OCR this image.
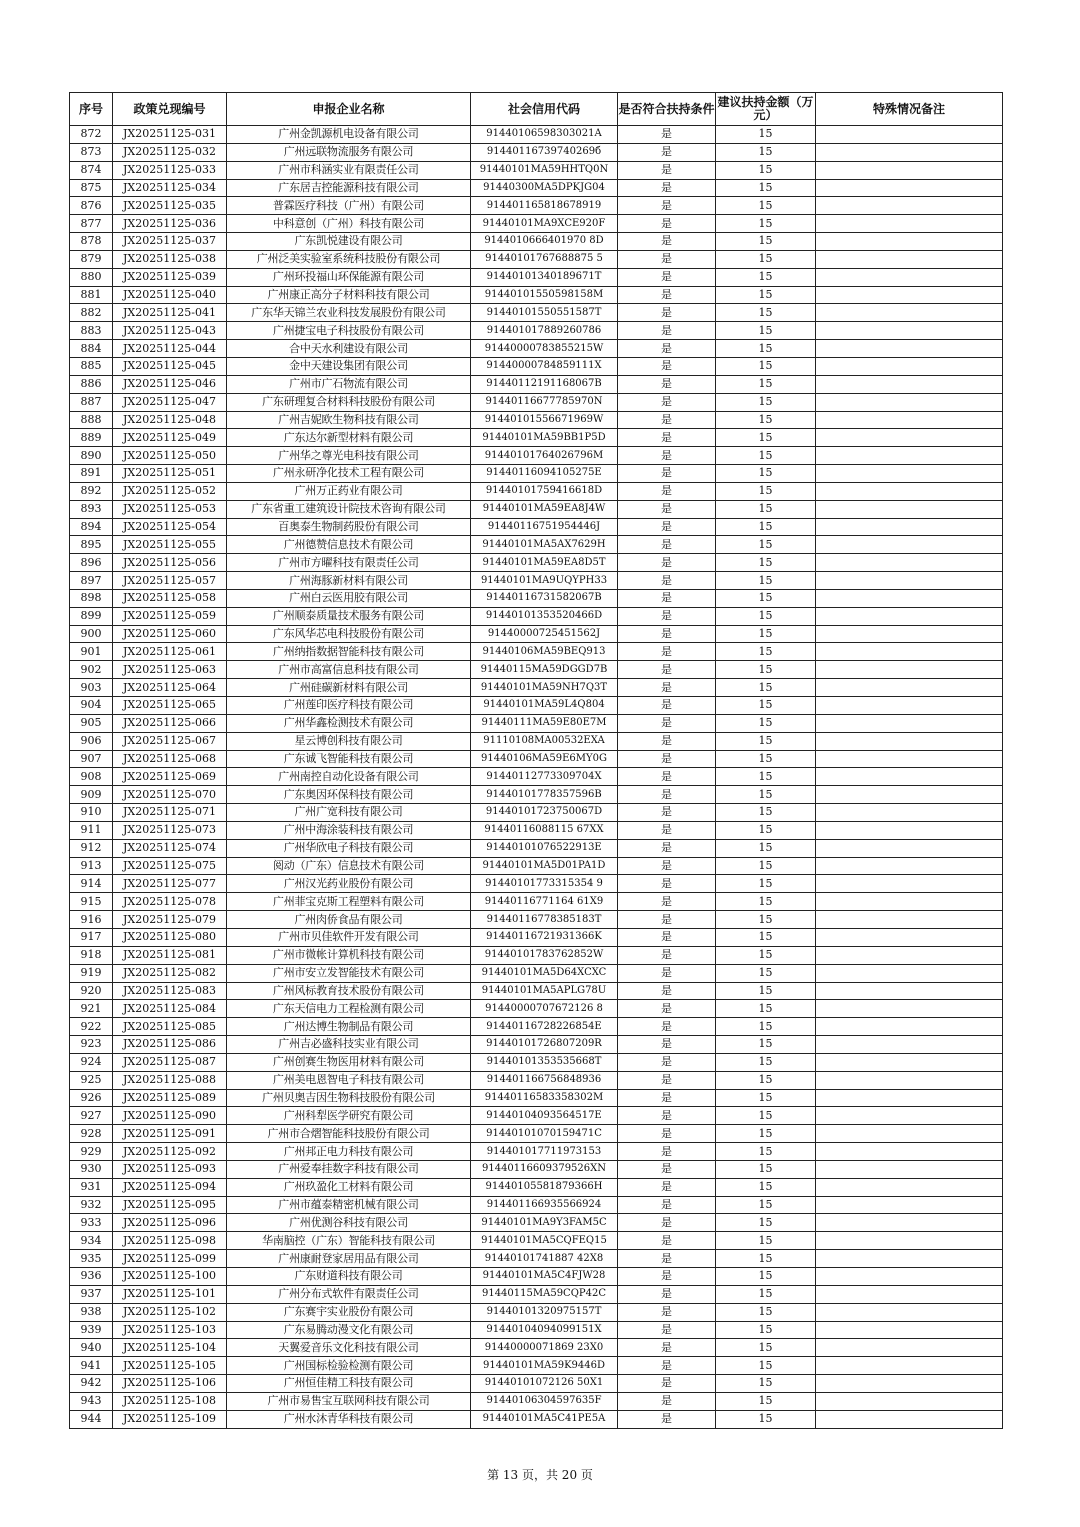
序号	政策兑现编号	申报企业名称	社会信用代码	是否符合扶持条件	建议扶持金额（万元）	特殊情况备注
872	JX20251125-031	广州金凯源机电设备有限公司	91440106598303021A	是	15	
873	JX20251125-032	广州远联物流服务有限公司	91440116739740269б	是	15	
874	JX20251125-033	广州市科涵实业有限责任公司	91440101MA59HHTQ0N	是	15	
875	JX20251125-034	广东居吉控能源科技有限公司	91440300MA5DPKJG04	是	15	
876	JX20251125-035	普霖医疗科技（广州）有限公司	914401165818678919	是	15	
877	JX20251125-036	中科意创（广州）科技有限公司	91440101MA9XCE920F	是	15	
878	JX20251125-037	广东凯悦建设有限公司	9144010666401970 8D	是	15	
879	JX20251125-038	广州泛美实验室系统科技股份有限公司	91440101767688875 5	是	15	
880	JX20251125-039	广州环投福山环保能源有限公司	91440101340189671T	是	15	
881	JX20251125-040	广州康正高分子材料科技有限公司	91440101550598158M	是	15	
882	JX20251125-041	广东华天锦兰农业科技发展股份有限公司	91440101550551587T	是	15	
883	JX20251125-043	广州捷宝电子科技股份有限公司	914401017889260786	是	15	
884	JX20251125-044	合中天水利建设有限公司	91440000783855215W	是	15	
885	JX20251125-045	金中天建设集团有限公司	91440000784859111X	是	15	
886	JX20251125-046	广州市广石物流有限公司	91440112191168067B	是	15	
887	JX20251125-047	广东研理复合材料科技股份有限公司	91440116677785970N	是	15	
888	JX20251125-048	广州吉妮欧生物科技有限公司	91440101556671969W	是	15	
889	JX20251125-049	广东达尔新型材料有限公司	91440101MA59BB1P5D	是	15	
890	JX20251125-050	广州华之尊光电科技有限公司	91440101764026796M	是	15	
891	JX20251125-051	广州永研净化技术工程有限公司	91440116094105275E	是	15	
892	JX20251125-052	广州万正药业有限公司	91440101759416618D	是	15	
893	JX20251125-053	广东省重工建筑设计院技术咨询有限公司	91440101MA59EA8J4W	是	15	
894	JX20251125-054	百奥泰生物制药股份有限公司	91440116751954446J	是	15	
895	JX20251125-055	广州德赞信息技术有限公司	91440101MA5AX7629H	是	15	
896	JX20251125-056	广州市方曜科技有限责任公司	91440101MA59EA8D5T	是	15	
897	JX20251125-057	广州海豚新材料有限公司	91440101MA9UQYPH33	是	15	
898	JX20251125-058	广州白云医用胶有限公司	91440116731582067B	是	15	
899	JX20251125-059	广州顺泰质量技术服务有限公司	91440101353520466D	是	15	
900	JX20251125-060	广东风华芯电科技股份有限公司	91440000725451562J	是	15	
901	JX20251125-061	广州纳指数据智能科技有限公司	91440106MA59BEQ913	是	15	
902	JX20251125-063	广州市高富信息科技有限公司	91440115MA59DGGD7B	是	15	
903	JX20251125-064	广州硅碳新材料有限公司	91440101MA59NH7Q3T	是	15	
904	JX20251125-065	广州莲印医疗科技有限公司	91440101MA59L4Q804	是	15	
905	JX20251125-066	广州华鑫检测技术有限公司	91440111MA59E80E7M	是	15	
906	JX20251125-067	星云博创科技有限公司	91110108MA00532EXA	是	15	
907	JX20251125-068	广东诚飞智能科技有限公司	91440106MA59E6MY0G	是	15	
908	JX20251125-069	广州南控自动化设备有限公司	91440112773309704X	是	15	
909	JX20251125-070	广东奥因环保科技有限公司	91440101778357596B	是	15	
910	JX20251125-071	广州广宽科技有限公司	91440101723750067D	是	15	
911	JX20251125-073	广州中海涂装科技有限公司	91440116088115 67XX	是	15	
912	JX20251125-074	广州华欣电子科技有限公司	91440101076522913E	是	15	
913	JX20251125-075	阅动（广东）信息技术有限公司	91440101MA5D01PA1D	是	15	
914	JX20251125-077	广州汉光药业股份有限公司	91440101773315354 9	是	15	
915	JX20251125-078	广州菲宝克斯工程塑料有限公司	91440116771164 61X9	是	15	
916	JX20251125-079	广州肉侨食品有限公司	91440116778385183T	是	15	
917	JX20251125-080	广州市贝佳软件开发有限公司	91440116721931366K	是	15	
918	JX20251125-081	广州市微帐计算机科技有限公司	91440101783762852W	是	15	
919	JX20251125-082	广州市安立发智能技术有限公司	91440101MA5D64XCXC	是	15	
920	JX20251125-083	广州风标教育技术股份有限公司	91440101MA5APLG78U	是	15	
921	JX20251125-084	广东天信电力工程检测有限公司	91440000707672126 8	是	15	
922	JX20251125-085	广州达博生物制品有限公司	91440116728226854E	是	15	
923	JX20251125-086	广州吉必盛科技实业有限公司	91440101726807209R	是	15	
924	JX20251125-087	广州创赛生物医用材料有限公司	91440101353535668T	是	15	
925	JX20251125-088	广州美电恩智电子科技有限公司	914401166756848936	是	15	
926	JX20251125-089	广州贝奥吉因生物科技股份有限公司	91440116583358302M	是	15	
927	JX20251125-090	广州科犁医学研究有限公司	91440104093564517E	是	15	
928	JX20251125-091	广州市合熠智能科技股份有限公司	91440101070159471C	是	15	
929	JX20251125-092	广州邦正电力科技有限公司	914401017711973153	是	15	
930	JX20251125-093	广州爱奉挂数字科技有限公司	91440116609379526XN	是	15	
931	JX20251125-094	广州玖盈化工材料有限公司	91440105581879366H	是	15	
932	JX20251125-095	广州市蕴泰精密机械有限公司	914401166935566924	是	15	
933	JX20251125-096	广州优测谷科技有限公司	91440101MA9Y3FAM5C	是	15	
934	JX20251125-098	华南脑控（广东）智能科技有限公司	91440101MA5CQFEQ15	是	15	
935	JX20251125-099	广州康耐登家居用品有限公司	91440101741887 42X8	是	15	
936	JX20251125-100	广东财道科技有限公司	91440101MA5C4FJW28	是	15	
937	JX20251125-101	广州分布式软件有限责任公司	91440115MA59CQP42C	是	15	
938	JX20251125-102	广东赛宇实业股份有限公司	91440101320975157T	是	15	
939	JX20251125-103	广东易腾动漫文化有限公司	91440104094099151X	是	15	
940	JX20251125-104	天翼爱音乐文化科技有限公司	91440000071869 23X0	是	15	
941	JX20251125-105	广州国标检验检测有限公司	91440101MA59K9446D	是	15	
942	JX20251125-106	广州恒佳精工科技有限公司	91440101072126 50X1	是	15	
943	JX20251125-108	广州市易售宝互联网科技有限公司	91440106304597635F	是	15	
944	JX20251125-109	广州水沐青华科技有限公司	91440101MA5C41PE5A	是	15	
第 13 页，共 20 页
